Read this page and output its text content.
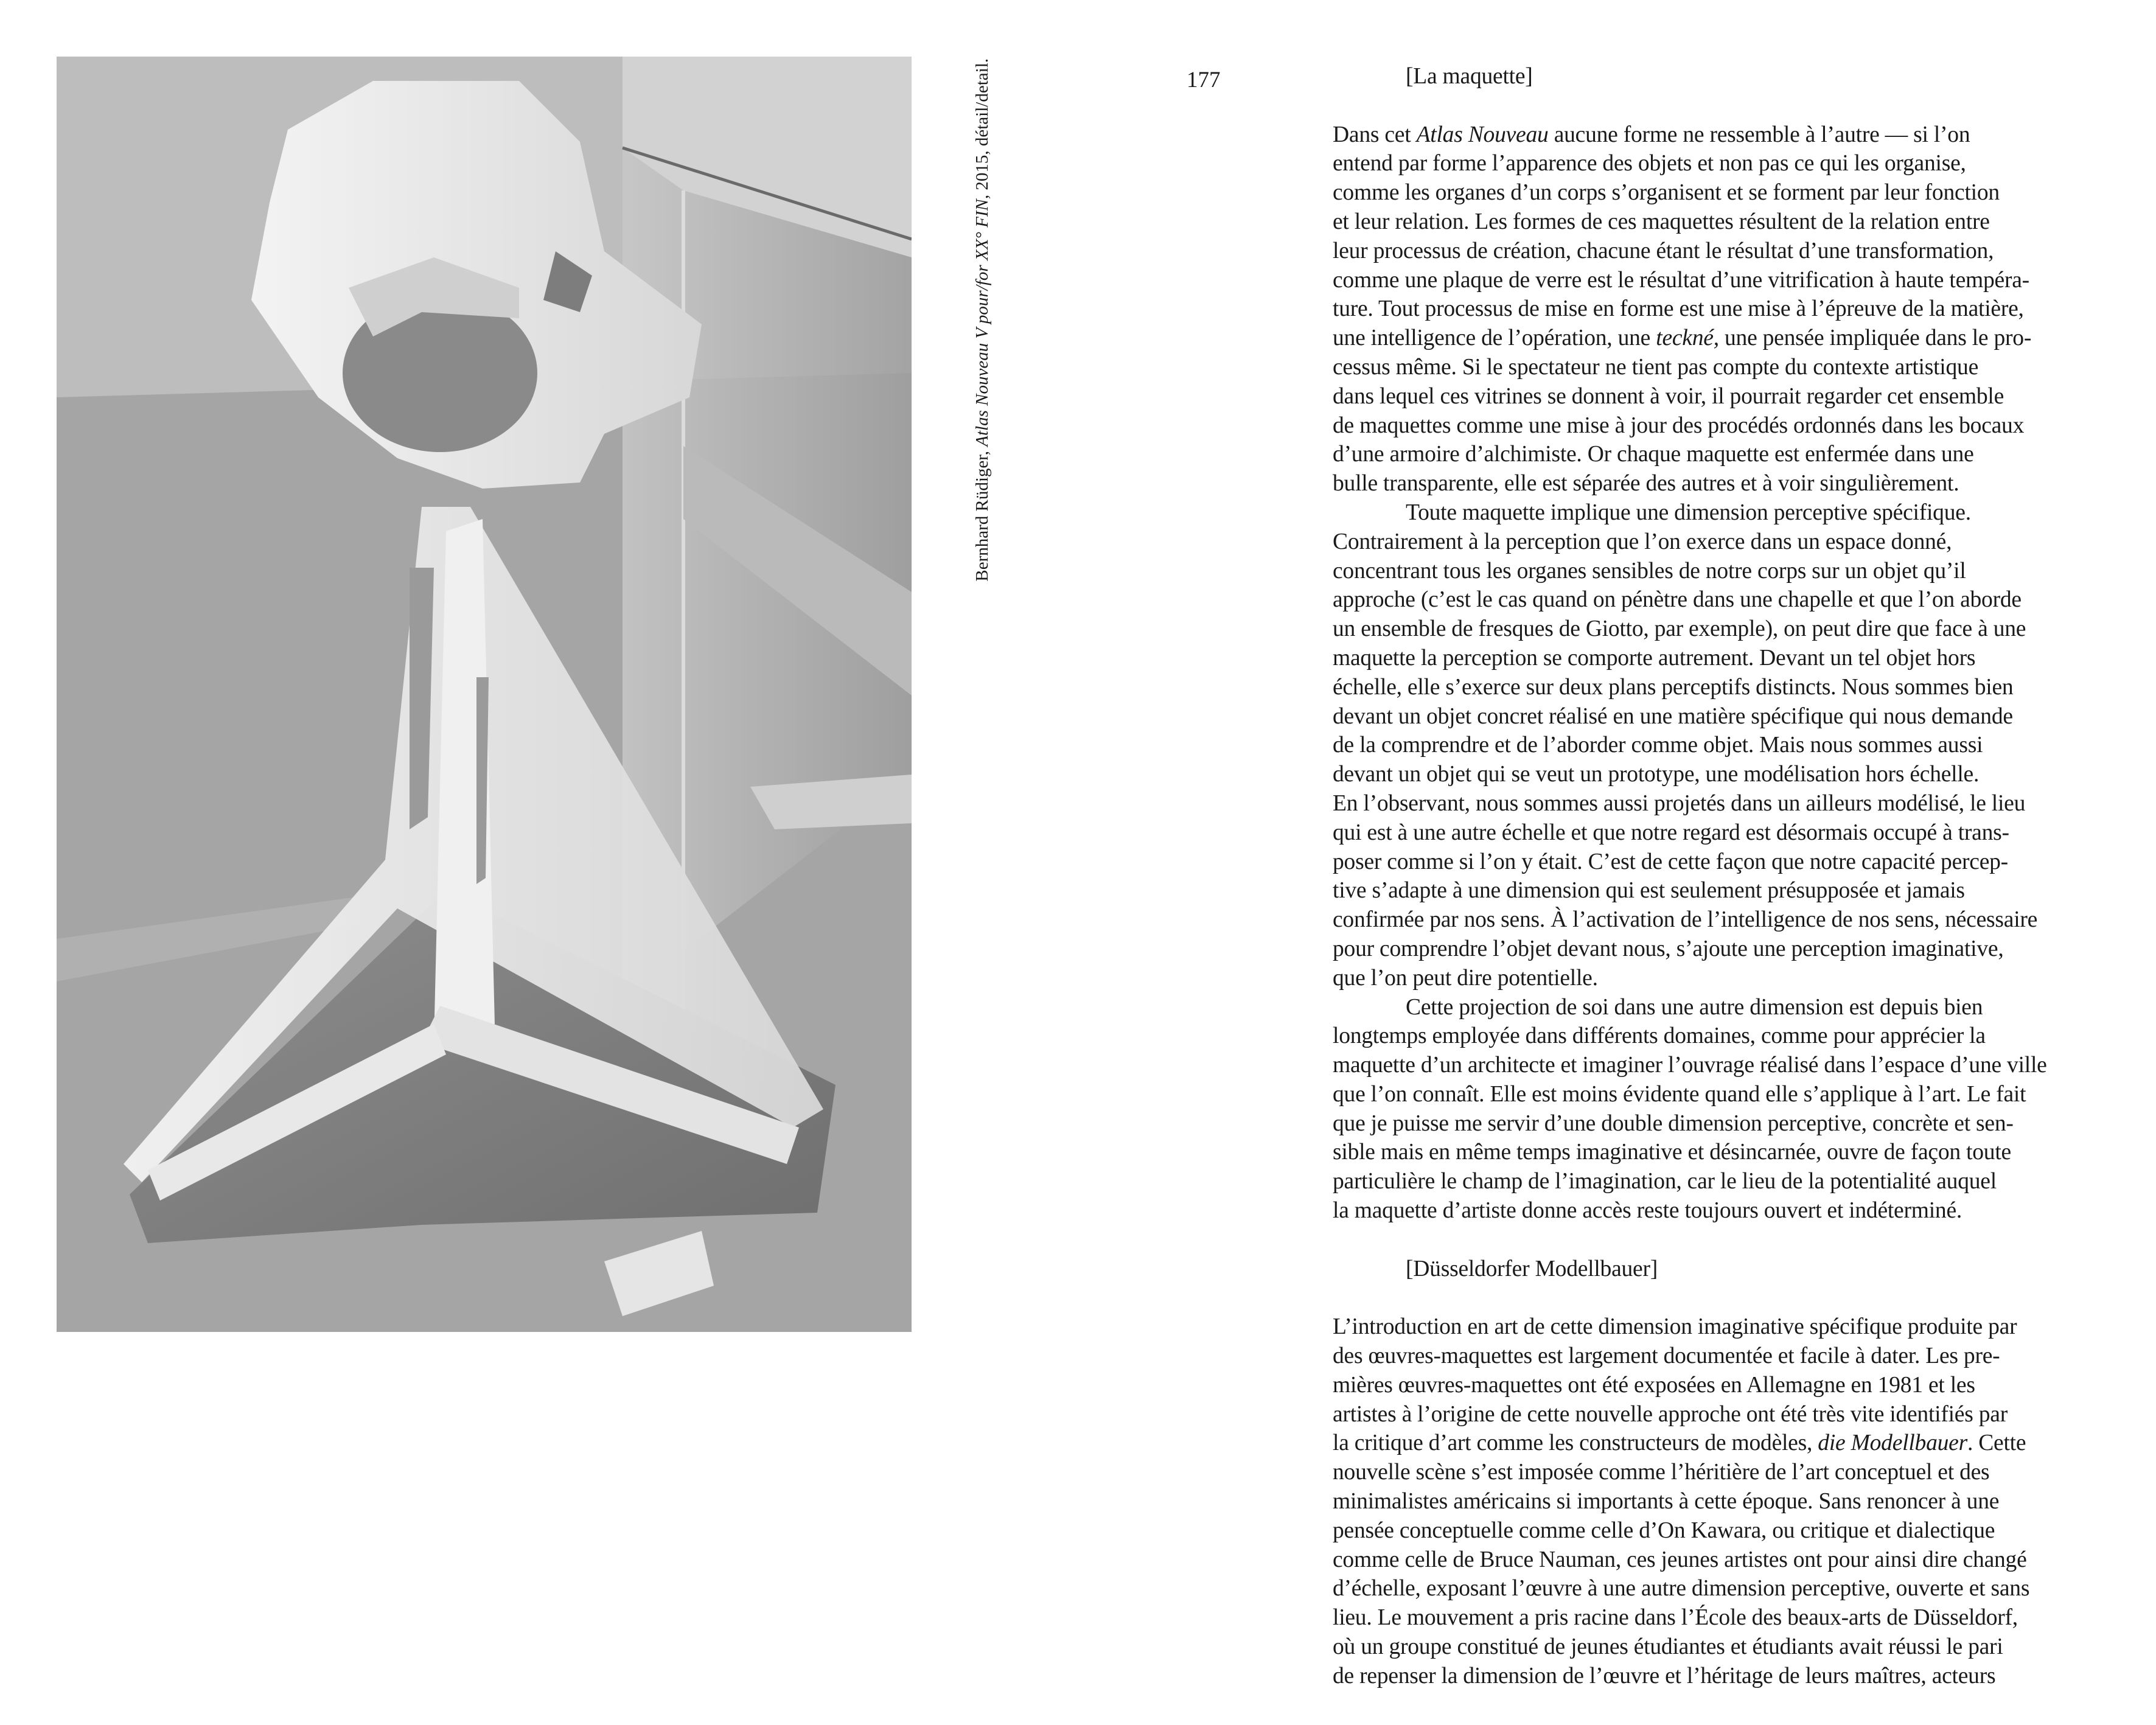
Bernhard Rüdiger, Atlas Nouveau V pour/for XX° FIN, 2015, détail/detail.	177	[La maquette]
Dans cet Atlas Nouveau aucune forme ne ressemble à l’autre — si l’on
entend par forme l’apparence des objets et non pas ce qui les organise,
comme les organes d’un corps s’organisent et se forment par leur fonction
et leur relation. Les formes de ces maquettes résultent de la relation entre
leur processus de création, chacune étant le résultat d’une transformation,
comme une plaque de verre est le résultat d’une vitrification à haute tempéra-
ture. Tout processus de mise en forme est une mise à l’épreuve de la matière,
une intelligence de l’opération, une teckné, une pensée impliquée dans le pro-
cessus même. Si le spectateur ne tient pas compte du contexte artistique
dans lequel ces vitrines se donnent à voir, il pourrait regarder cet ensemble
de maquettes comme une mise à jour des procédés ordonnés dans les bocaux
d’une armoire d’alchimiste. Or chaque maquette est enfermée dans une
bulle transparente, elle est séparée des autres et à voir singulièrement.
Toute maquette implique une dimension perceptive spécifique.
Contrairement à la perception que l’on exerce dans un espace donné,
concentrant tous les organes sensibles de notre corps sur un objet qu’il
approche (c’est le cas quand on pénètre dans une chapelle et que l’on aborde
un ensemble de fresques de Giotto, par exemple), on peut dire que face à une
maquette la perception se comporte autrement. Devant un tel objet hors
échelle, elle s’exerce sur deux plans perceptifs distincts. Nous sommes bien
devant un objet concret réalisé en une matière spécifique qui nous demande
de la comprendre et de l’aborder comme objet. Mais nous sommes aussi
devant un objet qui se veut un prototype, une modélisation hors échelle.
En l’observant, nous sommes aussi projetés dans un ailleurs modélisé, le lieu
qui est à une autre échelle et que notre regard est désormais occupé à trans-
poser comme si l’on y était. C’est de cette façon que notre capacité percep-
tive s’adapte à une dimension qui est seulement présupposée et jamais
confirmée par nos sens. À l’activation de l’intelligence de nos sens, nécessaire
pour comprendre l’objet devant nous, s’ajoute une perception imaginative,
que l’on peut dire potentielle.
Cette projection de soi dans une autre dimension est depuis bien
longtemps employée dans différents domaines, comme pour apprécier la
maquette d’un architecte et imaginer l’ouvrage réalisé dans l’espace d’une ville
que l’on connaît. Elle est moins évidente quand elle s’applique à l’art. Le fait
que je puisse me servir d’une double dimension perceptive, concrète et sen-
sible mais en même temps imaginative et désincarnée, ouvre de façon toute
particulière le champ de l’imagination, car le lieu de la potentialité auquel
la maquette d’artiste donne accès reste toujours ouvert et indéterminé.
[Düsseldorfer Modellbauer]
L’introduction en art de cette dimension imaginative spécifique produite par
des œuvres-maquettes est largement documentée et facile à dater. Les pre-
mières œuvres-maquettes ont été exposées en Allemagne en 1981 et les
artistes à l’origine de cette nouvelle approche ont été très vite identifiés par
la critique d’art comme les constructeurs de modèles, die Modellbauer. Cette
nouvelle scène s’est imposée comme l’héritière de l’art conceptuel et des
minimalistes américains si importants à cette époque. Sans renoncer à une
pensée conceptuelle comme celle d’On Kawara, ou critique et dialectique
comme celle de Bruce Nauman, ces jeunes artistes ont pour ainsi dire changé
d’échelle, exposant l’œuvre à une autre dimension perceptive, ouverte et sans
lieu. Le mouvement a pris racine dans l’École des beaux-arts de Düsseldorf,
où un groupe constitué de jeunes étudiantes et étudiants avait réussi le pari
de repenser la dimension de l’œuvre et l’héritage de leurs maîtres, acteurs
